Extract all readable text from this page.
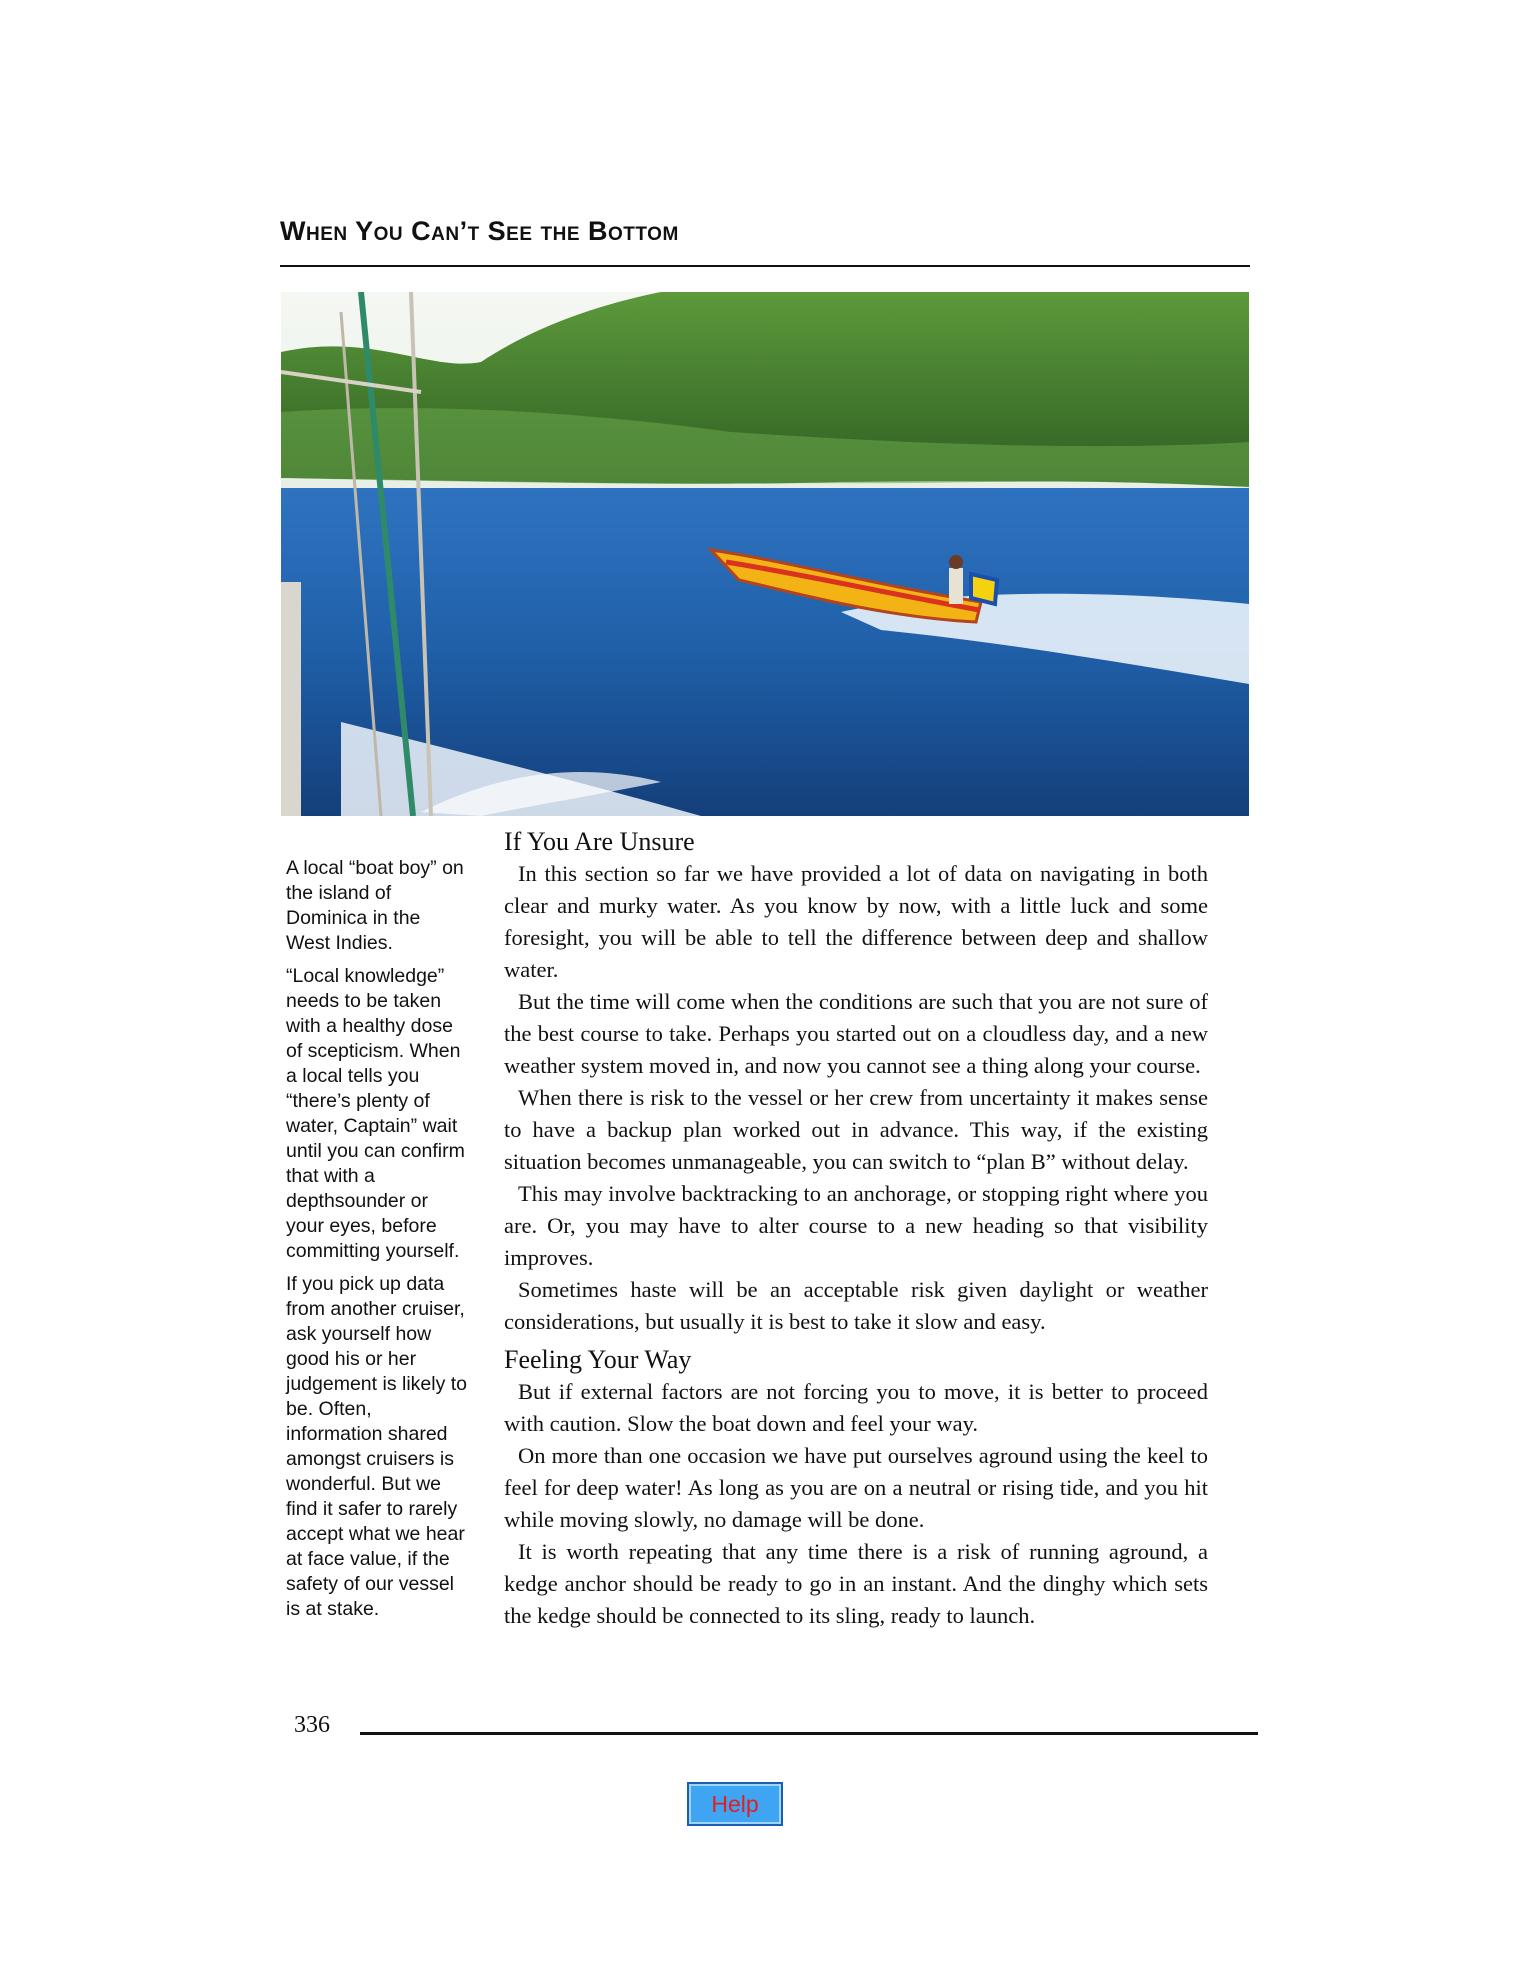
When You Can’t See the Bottom

A local “boat boy” on the island of Dominica in the West Indies.

“Local knowledge” needs to be taken with a healthy dose of scepticism. When a local tells you “there’s plenty of water, Captain” wait until you can confirm that with a depthsounder or your eyes, before committing yourself.

If you pick up data from another cruiser, ask yourself how good his or her judgement is likely to be. Often, information shared amongst cruisers is wonderful. But we find it safer to rarely accept what we hear at face value, if the safety of our vessel is at stake.

If You Are Unsure

In this section so far we have provided a lot of data on navigating in both clear and murky water. As you know by now, with a little luck and some foresight, you will be able to tell the difference between deep and shallow water.

But the time will come when the conditions are such that you are not sure of the best course to take. Perhaps you started out on a cloudless day, and a new weather system moved in, and now you cannot see a thing along your course.

When there is risk to the vessel or her crew from uncertainty it makes sense to have a backup plan worked out in advance. This way, if the existing situation becomes unmanageable, you can switch to “plan B” without delay.

This may involve backtracking to an anchorage, or stopping right where you are. Or, you may have to alter course to a new heading so that visibility improves.

Sometimes haste will be an acceptable risk given daylight or weather considerations, but usually it is best to take it slow and easy.

Feeling Your Way

But if external factors are not forcing you to move, it is better to proceed with caution. Slow the boat down and feel your way.

On more than one occasion we have put ourselves aground using the keel to feel for deep water! As long as you are on a neutral or rising tide, and you hit while moving slowly, no damage will be done.

It is worth repeating that any time there is a risk of running aground, a kedge anchor should be ready to go in an instant. And the dinghy which sets the kedge should be connected to its sling, ready to launch.

336
Help
